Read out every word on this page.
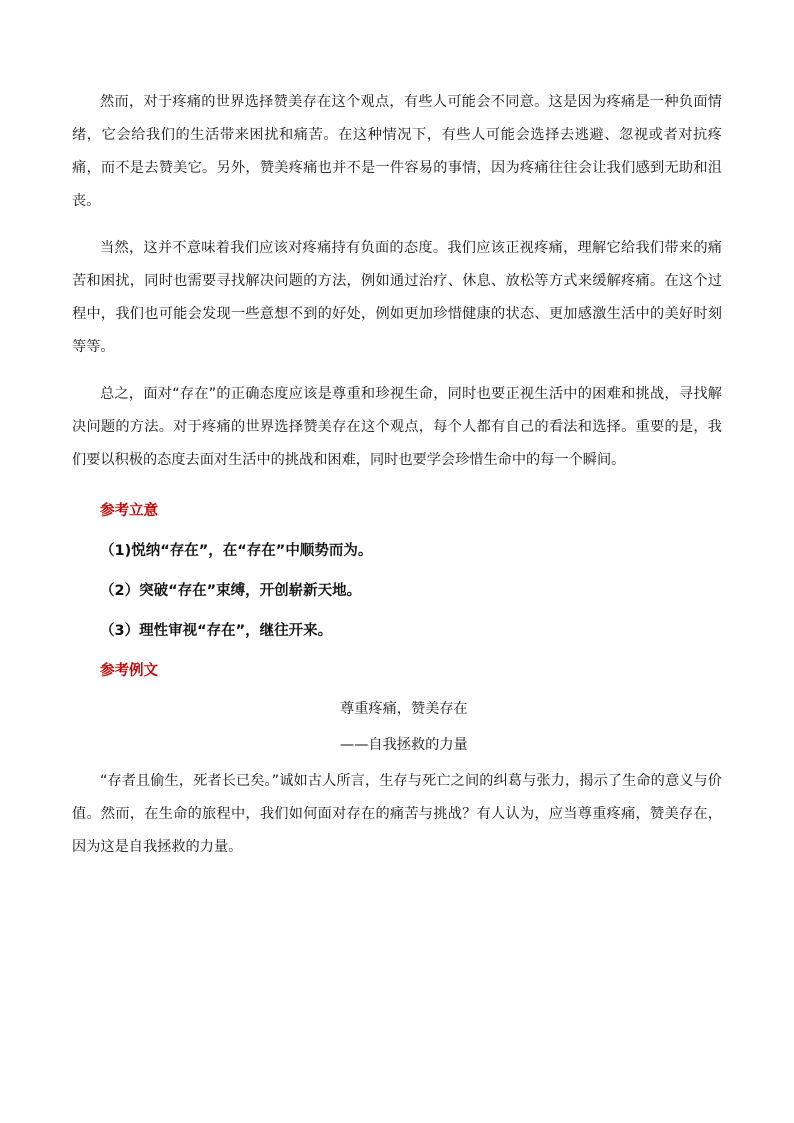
然而，对于疼痛的世界选择赞美存在这个观点，有些人可能会不同意。这是因为疼痛是一种负面情绪，它会给我们的生活带来困扰和痛苦。在这种情况下，有些人可能会选择去逃避、忽视或者对抗疼痛，而不是去赞美它。另外，赞美疼痛也并不是一件容易的事情，因为疼痛往往会让我们感到无助和沮丧。

当然，这并不意味着我们应该对疼痛持有负面的态度。我们应该正视疼痛，理解它给我们带来的痛苦和困扰，同时也需要寻找解决问题的方法，例如通过治疗、休息、放松等方式来缓解疼痛。在这个过程中，我们也可能会发现一些意想不到的好处，例如更加珍惜健康的状态、更加感激生活中的美好时刻等等。

总之，面对“存在”的正确态度应该是尊重和珍视生命，同时也要正视生活中的困难和挑战，寻找解决问题的方法。对于疼痛的世界选择赞美存在这个观点，每个人都有自己的看法和选择。重要的是，我们要以积极的态度去面对生活中的挑战和困难，同时也要学会珍惜生命中的每一个瞬间。

参考立意

（1)悦纳“存在”，在“存在”中顺势而为。

（2）突破“存在”束缚，开创崭新天地。

（3）理性审视“存在”，继往开来。

参考例文

尊重疼痛，赞美存在

——自我拯救的力量

“存者且偷生，死者长已矣。”诚如古人所言，生存与死亡之间的纠葛与张力，揭示了生命的意义与价值。然而，在生命的旅程中，我们如何面对存在的痛苦与挑战？有人认为，应当尊重疼痛，赞美存在，因为这是自我拯救的力量。
